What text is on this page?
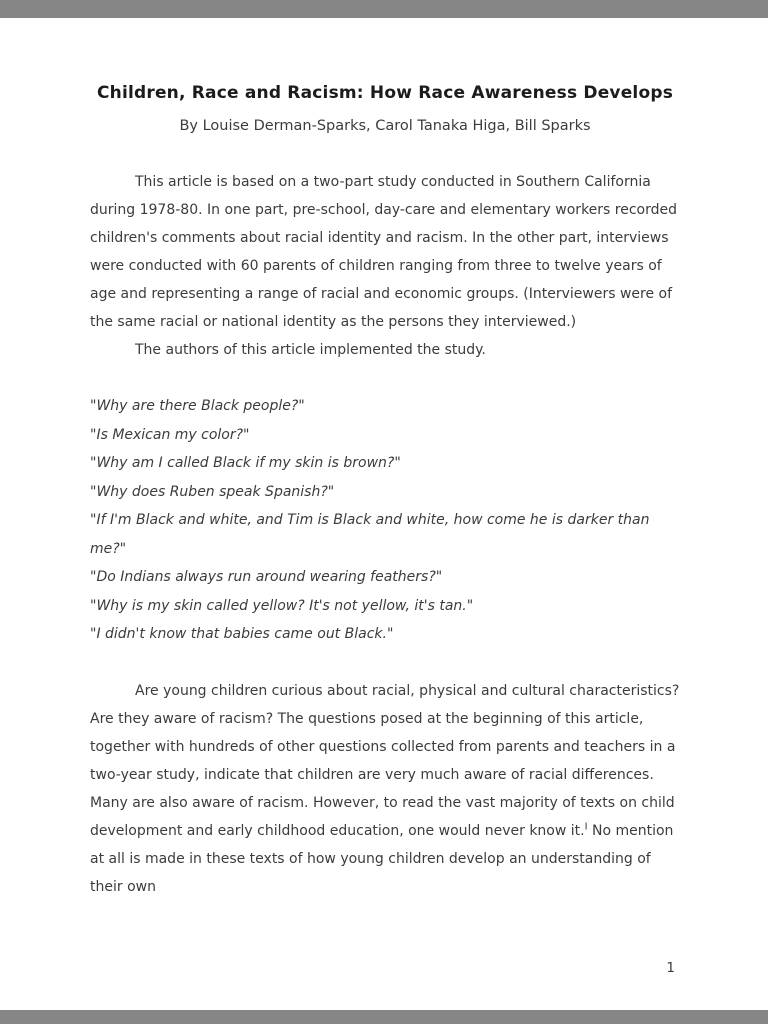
Children, Race and Racism: How Race Awareness Develops

By Louise Derman-Sparks, Carol Tanaka Higa, Bill Sparks

This article is based on a two-part study conducted in Southern California during 1978-80. In one part, pre-school, day-care and elementary workers recorded children's comments about racial identity and racism. In the other part, interviews were conducted with 60 parents of children ranging from three to twelve years of age and representing a range of racial and economic groups. (Interviewers were of the same racial or national identity as the persons they interviewed.)

The authors of this article implemented the study.

"Why are there Black people?"

"Is Mexican my color?"

"Why am I called Black if my skin is brown?"

"Why does Ruben speak Spanish?"

"If I'm Black and white, and Tim is Black and white, how come he is darker than me?"

"Do Indians always run around wearing feathers?"

"Why is my skin called yellow? It's not yellow, it's tan."

"I didn't know that babies came out Black."

Are young children curious about racial, physical and cultural characteristics? Are they aware of racism? The questions posed at the beginning of this article, together with hundreds of other questions collected from parents and teachers in a two-year study, indicate that children are very much aware of racial differences. Many are also aware of racism. However, to read the vast majority of texts on child development and early childhood education, one would never know it.$^I$ No mention at all is made in these texts of how young children develop an understanding of their own

1
